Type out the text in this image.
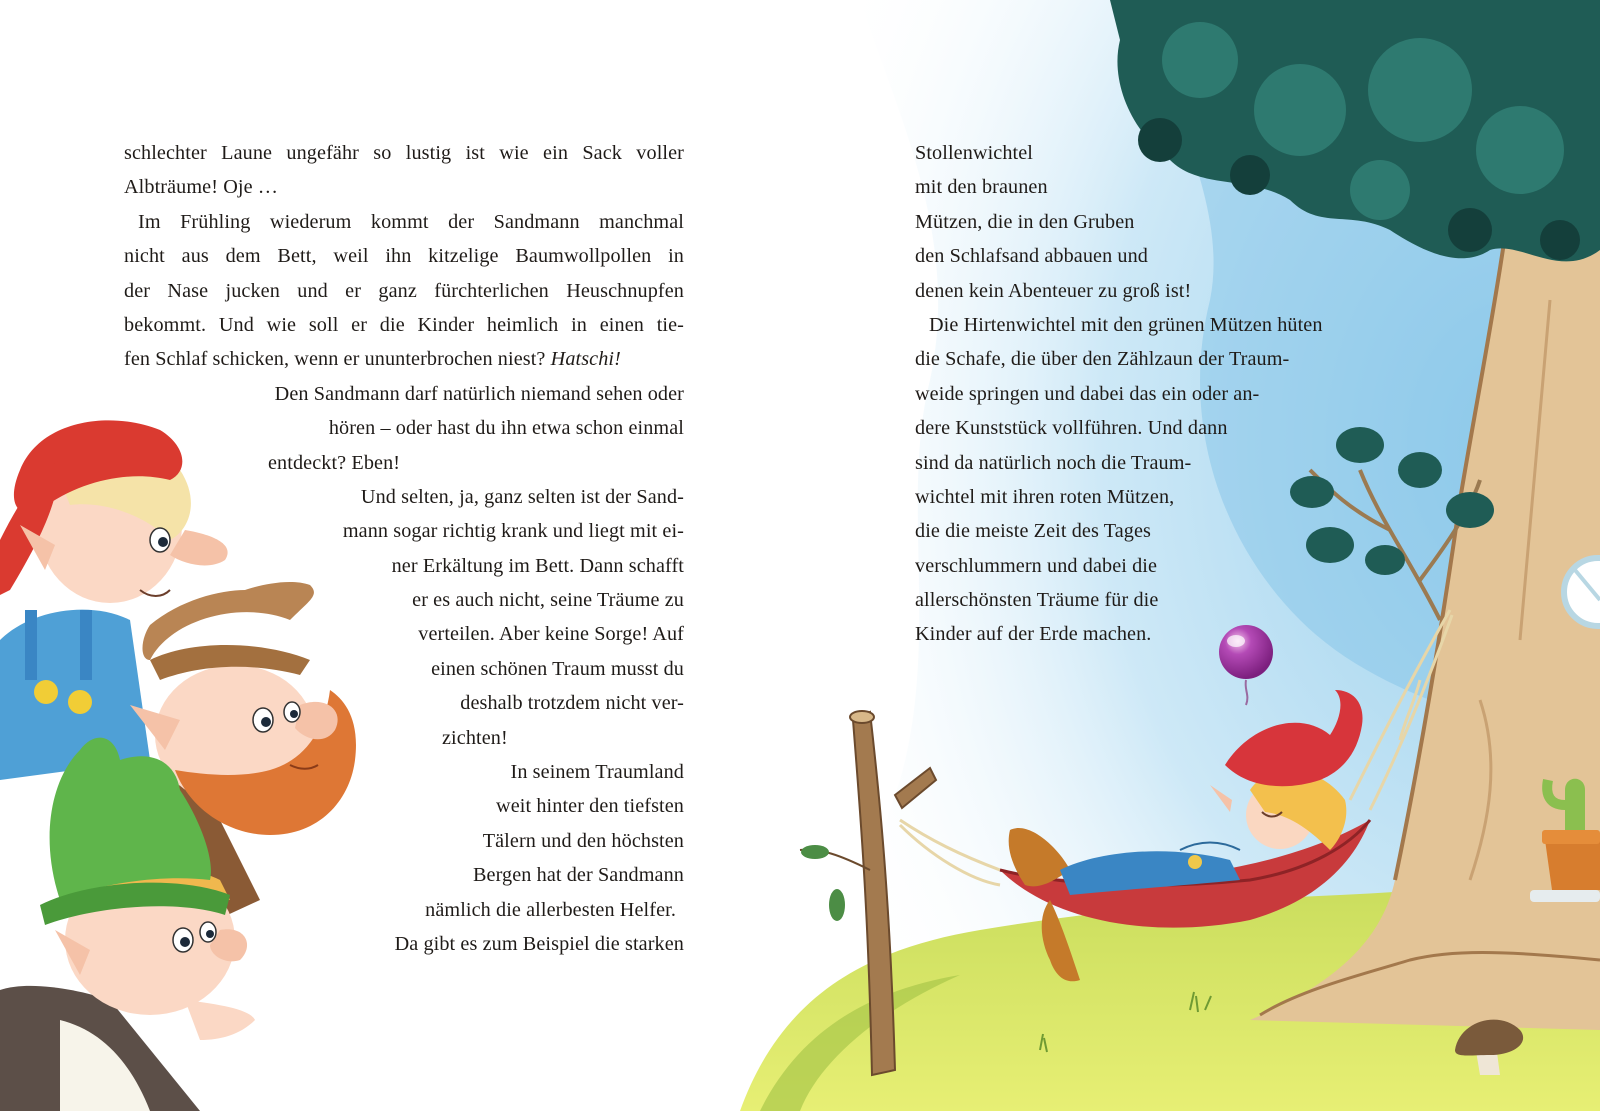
schlechter Laune ungefähr so lustig ist wie ein Sack voller
Albträume! Oje …
Im Frühling wiederum kommt der Sandmann manchmal
nicht aus dem Bett, weil ihn kitzelige Baumwollpollen in
der Nase jucken und er ganz fürchterlichen Heuschnupfen
bekommt. Und wie soll er die Kinder heimlich in einen tie-
fen Schlaf schicken, wenn er ununterbrochen niest? Hatschi!
Den Sandmann darf natürlich niemand sehen oder
hören – oder hast du ihn etwa schon einmal
entdeckt? Eben!
Und selten, ja, ganz selten ist der Sand-
mann sogar richtig krank und liegt mit ei-
ner Erkältung im Bett. Dann schafft
er es auch nicht, seine Träume zu
verteilen. Aber keine Sorge! Auf
einen schönen Traum musst du
deshalb trotzdem nicht ver-
zichten!
In seinem Traumland
weit hinter den tiefsten
Tälern und den höchsten
Bergen hat der Sandmann
nämlich die allerbesten Helfer.
Da gibt es zum Beispiel die starken
Stollenwichtel
mit den braunen
Mützen, die in den Gruben
den Schlafsand abbauen und
denen kein Abenteuer zu groß ist!
Die Hirtenwichtel mit den grünen Mützen hüten
die Schafe, die über den Zählzaun der Traum-
weide springen und dabei das ein oder an-
dere Kunststück vollführen. Und dann
sind da natürlich noch die Traum-
wichtel mit ihren roten Mützen,
die die meiste Zeit des Tages
verschlummern und dabei die
allerschönsten Träume für die
Kinder auf der Erde machen.
